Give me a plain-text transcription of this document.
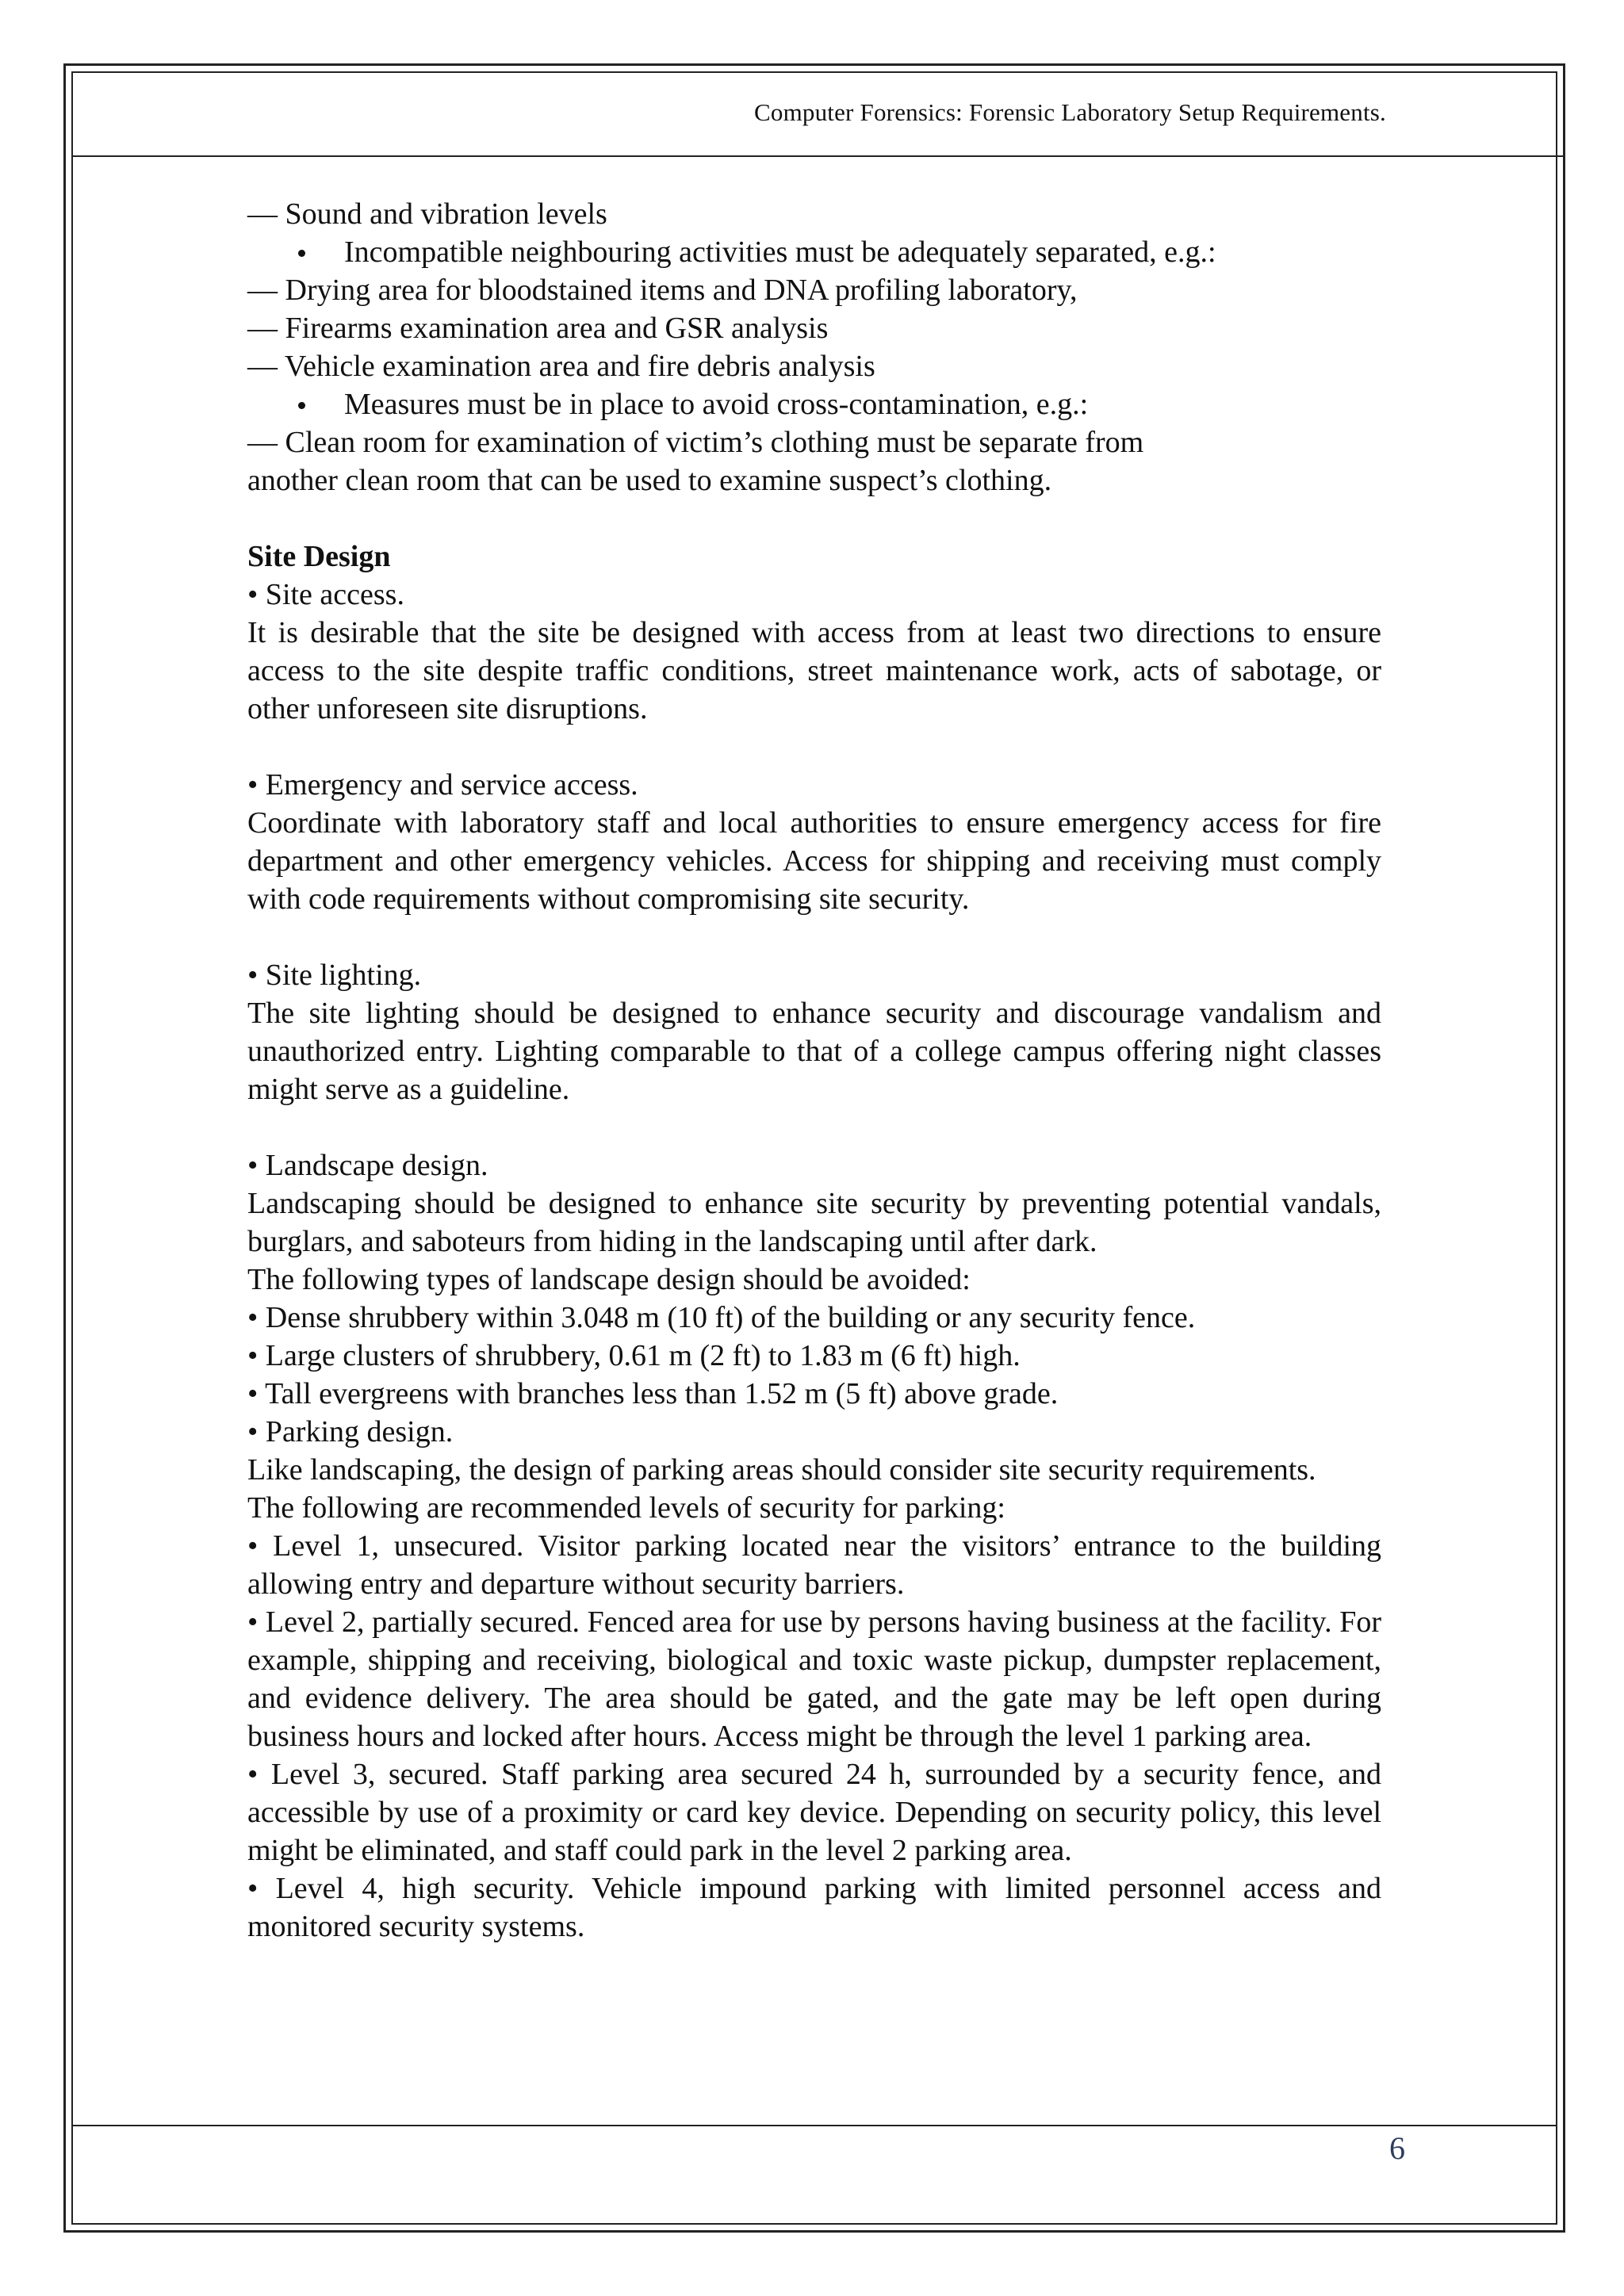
Computer Forensics: Forensic Laboratory Setup Requirements.

— Sound and vibration levels

Incompatible neighbouring activities must be adequately separated, e.g.:

— Drying area for bloodstained items and DNA profiling laboratory,

— Firearms examination area and GSR analysis

— Vehicle examination area and fire debris analysis

Measures must be in place to avoid cross-contamination, e.g.:

— Clean room for examination of victim’s clothing must be separate from

another clean room that can be used to examine suspect’s clothing.

Site Design

• Site access.

It is desirable that the site be designed with access from at least two directions to ensure access to the site despite traffic conditions, street maintenance work, acts of sabotage, or other unforeseen site disruptions.

• Emergency and service access.

Coordinate with laboratory staff and local authorities to ensure emergency access for fire department and other emergency vehicles. Access for shipping and receiving must comply with code requirements without compromising site security.

• Site lighting.

The site lighting should be designed to enhance security and discourage vandalism and unauthorized entry. Lighting comparable to that of a college campus offering night classes might serve as a guideline.

• Landscape design.

Landscaping should be designed to enhance site security by preventing potential vandals, burglars, and saboteurs from hiding in the landscaping until after dark.

The following types of landscape design should be avoided:

• Dense shrubbery within 3.048 m (10 ft) of the building or any security fence.

• Large clusters of shrubbery, 0.61 m (2 ft) to 1.83 m (6 ft) high.

• Tall evergreens with branches less than 1.52 m (5 ft) above grade.

• Parking design.

Like landscaping, the design of parking areas should consider site security requirements.

The following are recommended levels of security for parking:

• Level 1, unsecured. Visitor parking located near the visitors’ entrance to the building allowing entry and departure without security barriers.

• Level 2, partially secured. Fenced area for use by persons having business at the facility. For example, shipping and receiving, biological and toxic waste pickup, dumpster replacement, and evidence delivery. The area should be gated, and the gate may be left open during business hours and locked after hours. Access might be through the level 1 parking area.

• Level 3, secured. Staff parking area secured 24 h, surrounded by a security fence, and accessible by use of a proximity or card key device. Depending on security policy, this level might be eliminated, and staff could park in the level 2 parking area.

• Level 4, high security. Vehicle impound parking with limited personnel access and monitored security systems.

6
